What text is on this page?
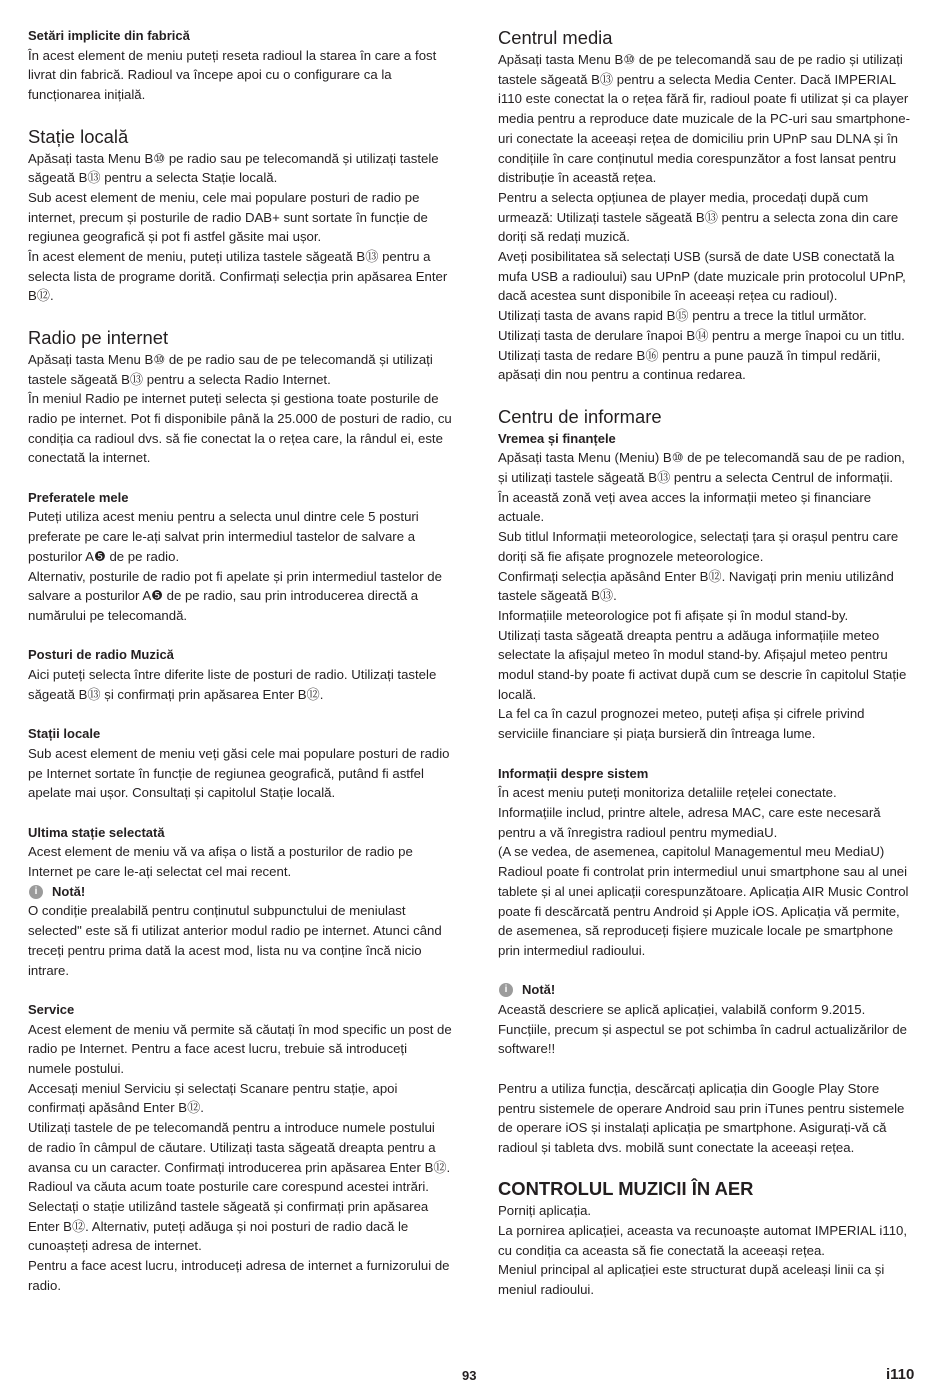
Setări implicite din fabrică

În acest element de meniu puteți reseta radioul la starea în care a fost livrat din fabrică. Radioul va începe apoi cu o configurare ca la funcționarea inițială.

Stație locală

Apăsați tasta Menu B⑩ pe radio sau pe telecomandă și utilizați tastele săgeată B⑬ pentru a selecta Stație locală.

Sub acest element de meniu, cele mai populare posturi de radio pe internet, precum și posturile de radio DAB+ sunt sortate în funcție de regiunea geografică și pot fi astfel găsite mai ușor.

În acest element de meniu, puteți utiliza tastele săgeată B⑬ pentru a selecta lista de programe dorită. Confirmați selecția prin apăsarea Enter B⑫.

Radio pe internet

Apăsați tasta Menu B⑩ de pe radio sau de pe telecomandă și utilizați tastele săgeată B⑬ pentru a selecta Radio Internet.

În meniul Radio pe internet puteți selecta și gestiona toate posturile de radio pe internet. Pot fi disponibile până la 25.000 de posturi de radio, cu condiția ca radioul dvs. să fie conectat la o rețea care, la rândul ei, este conectată la internet.

Preferatele mele

Puteți utiliza acest meniu pentru a selecta unul dintre cele 5 posturi preferate pe care le-ați salvat prin intermediul tastelor de salvare a posturilor A❺ de pe radio.

Alternativ, posturile de radio pot fi apelate și prin intermediul tastelor de salvare a posturilor A❺ de pe radio, sau prin introducerea directă a numărului pe telecomandă.

Posturi de radio Muzică

Aici puteți selecta între diferite liste de posturi de radio. Utilizați tastele săgeată B⑬ și confirmați prin apăsarea Enter B⑫.

Stații locale

Sub acest element de meniu veți găsi cele mai populare posturi de radio pe Internet sortate în funcție de regiunea geografică, putând fi astfel apelate mai ușor. Consultați și capitolul Stație locală.

Ultima stație selectată

Acest element de meniu vă va afișa o listă a posturilor de radio pe Internet pe care le-ați selectat cel mai recent.

i	Notă!

O condiție prealabilă pentru conținutul subpunctului de meniulast selected" este să fi utilizat anterior modul radio pe internet. Atunci când treceți pentru prima dată la acest mod, lista nu va conține încă nicio intrare.

Service

Acest element de meniu vă permite să căutați în mod specific un post de radio pe Internet. Pentru a face acest lucru, trebuie să introduceți numele postului.

Accesați meniul Serviciu și selectați Scanare pentru stație, apoi confirmați apăsând Enter B⑫.

Utilizați tastele de pe telecomandă pentru a introduce numele postului de radio în câmpul de căutare. Utilizați tasta săgeată dreapta pentru a avansa cu un caracter. Confirmați introducerea prin apăsarea Enter B⑫.

Radioul va căuta acum toate posturile care corespund acestei intrări. Selectați o stație utilizând tastele săgeată și confirmați prin apăsarea Enter B⑫. Alternativ, puteți adăuga și noi posturi de radio dacă le cunoașteți adresa de internet.

Pentru a face acest lucru, introduceți adresa de internet a furnizorului de radio.

Centrul media

Apăsați tasta Menu B⑩ de pe telecomandă sau de pe radio și utilizați tastele săgeată B⑬ pentru a selecta Media Center. Dacă IMPERIAL i110 este conectat la o rețea fără fir, radioul poate fi utilizat și ca player media pentru a reproduce date muzicale de la PC-uri sau smartphone-uri conectate la aceeași rețea de domiciliu prin UPnP sau DLNA și în condițiile în care conținutul media corespunzător a fost lansat pentru distribuție în această rețea.

Pentru a selecta opțiunea de player media, procedați după cum urmează: Utilizați tastele săgeată B⑬ pentru a selecta zona din care doriți să redați muzică.

Aveți posibilitatea să selectați USB (sursă de date USB conectată la mufa USB a radioului) sau UPnP (date muzicale prin protocolul UPnP, dacă acestea sunt disponibile în aceeași rețea cu radioul).

Utilizați tasta de avans rapid B⑮ pentru a trece la titlul următor.

Utilizați tasta de derulare înapoi B⑭ pentru a merge înapoi cu un titlu.

Utilizați tasta de redare B⑯ pentru a pune pauză în timpul redării, apăsați din nou pentru a continua redarea.

Centru de informare
Vremea și finanțele

Apăsați tasta Menu (Meniu) B⑩ de pe telecomandă sau de pe radion, și utilizați tastele săgeată B⑬ pentru a selecta Centrul de informații.

În această zonă veți avea acces la informații meteo și financiare actuale.

Sub titlul Informații meteorologice, selectați țara și orașul pentru care doriți să fie afișate prognozele meteorologice.

Confirmați selecția apăsând Enter B⑫. Navigați prin meniu utilizând tastele săgeată B⑬.

Informațiile meteorologice pot fi afișate și în modul stand-by.

Utilizați tasta săgeată dreapta pentru a adăuga informațiile meteo selectate la afișajul meteo în modul stand-by. Afișajul meteo pentru modul stand-by poate fi activat după cum se descrie în capitolul Stație locală.

La fel ca în cazul prognozei meteo, puteți afișa și cifrele privind serviciile financiare și piața bursieră din întreaga lume.

Informații despre sistem

În acest meniu puteți monitoriza detaliile rețelei conectate.

Informațiile includ, printre altele, adresa MAC, care este necesară pentru a vă înregistra radioul pentru mymediaU.

(A se vedea, de asemenea, capitolul Managementul meu MediaU)

Radioul poate fi controlat prin intermediul unui smartphone sau al unei tablete și al unei aplicații corespunzătoare. Aplicația AIR Music Control poate fi descărcată pentru Android și Apple iOS. Aplicația vă permite, de asemenea, să reproduceți fișiere muzicale locale pe smartphone prin intermediul radioului.

i	Notă!

Această descriere se aplică aplicației, valabilă conform 9.2015. Funcțiile, precum și aspectul se pot schimba în cadrul actualizărilor de software!!

Pentru a utiliza funcția, descărcați aplicația din Google Play Store pentru sistemele de operare Android sau prin iTunes pentru sistemele de operare iOS și instalați aplicația pe smartphone. Asigurați-vă că radioul și tableta dvs. mobilă sunt conectate la aceeași rețea.

CONTROLUL MUZICII ÎN AER

Porniți aplicația.

La pornirea aplicației, aceasta va recunoaște automat IMPERIAL i110, cu condiția ca aceasta să fie conectată la aceeași rețea.

Meniul principal al aplicației este structurat după aceleași linii ca și meniul radioului.

93	i110
